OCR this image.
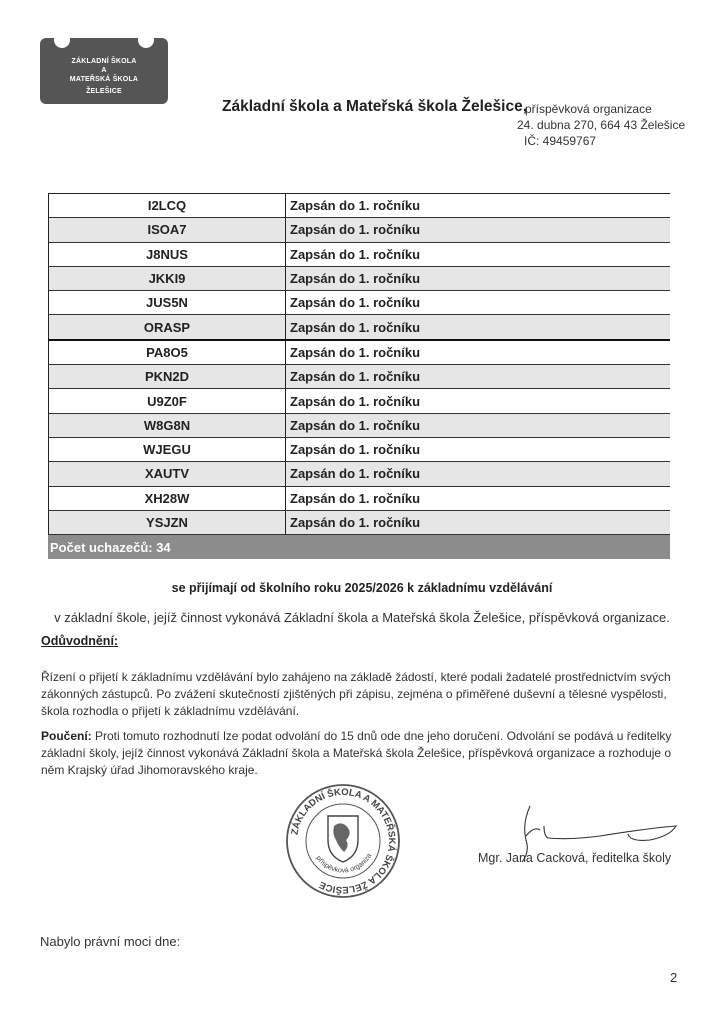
ZÁKLADNÍ ŠKOLA
A
MATEŘSKÁ ŠKOLA
ŽELEŠICE
Základní škola a Mateřská škola Želešice,
příspěvková organizace
24. dubna 270, 664 43 Želešice
IČ: 49459767
I2LCQ	Zapsán do 1. ročníku
ISOA7	Zapsán do 1. ročníku
J8NUS	Zapsán do 1. ročníku
JKKI9	Zapsán do 1. ročníku
JUS5N	Zapsán do 1. ročníku
ORASP	Zapsán do 1. ročníku
PA8O5	Zapsán do 1. ročníku
PKN2D	Zapsán do 1. ročníku
U9Z0F	Zapsán do 1. ročníku
W8G8N	Zapsán do 1. ročníku
WJEGU	Zapsán do 1. ročníku
XAUTV	Zapsán do 1. ročníku
XH28W	Zapsán do 1. ročníku
YSJZN	Zapsán do 1. ročníku
Počet uchazečů: 34
se přijímají od školního roku 2025/2026 k základnímu vzdělávání
v základní škole, jejíž činnost vykonává Základní škola a Mateřská škola Želešice, příspěvková organizace.
Odůvodnění:
Řízení o přijetí k základnímu vzdělávání bylo zahájeno na základě žádostí, které podali žadatelé prostřednictvím svých zákonných zástupců. Po zvážení skutečností zjištěných při zápisu, zejména o přiměřené duševní a tělesné vyspělosti, škola rozhodla o přijetí k základnímu vzdělávání.
Poučení: Proti tomuto rozhodnutí lze podat odvolání do 15 dnů ode dne jeho doručení. Odvolání se podává u ředitelky základní školy, jejíž činnost vykonává Základní škola a Mateřská škola Želešice, příspěvková organizace a rozhoduje o něm Krajský úřad Jihomoravského kraje.
ZÁKLADNÍ ŠKOLA A MATEŘSKÁ ŠKOLA ŽELEŠICE
příspěvková organiza	Mgr. Jana Cacková, ředitelka školy
Nabylo právní moci dne:
2
